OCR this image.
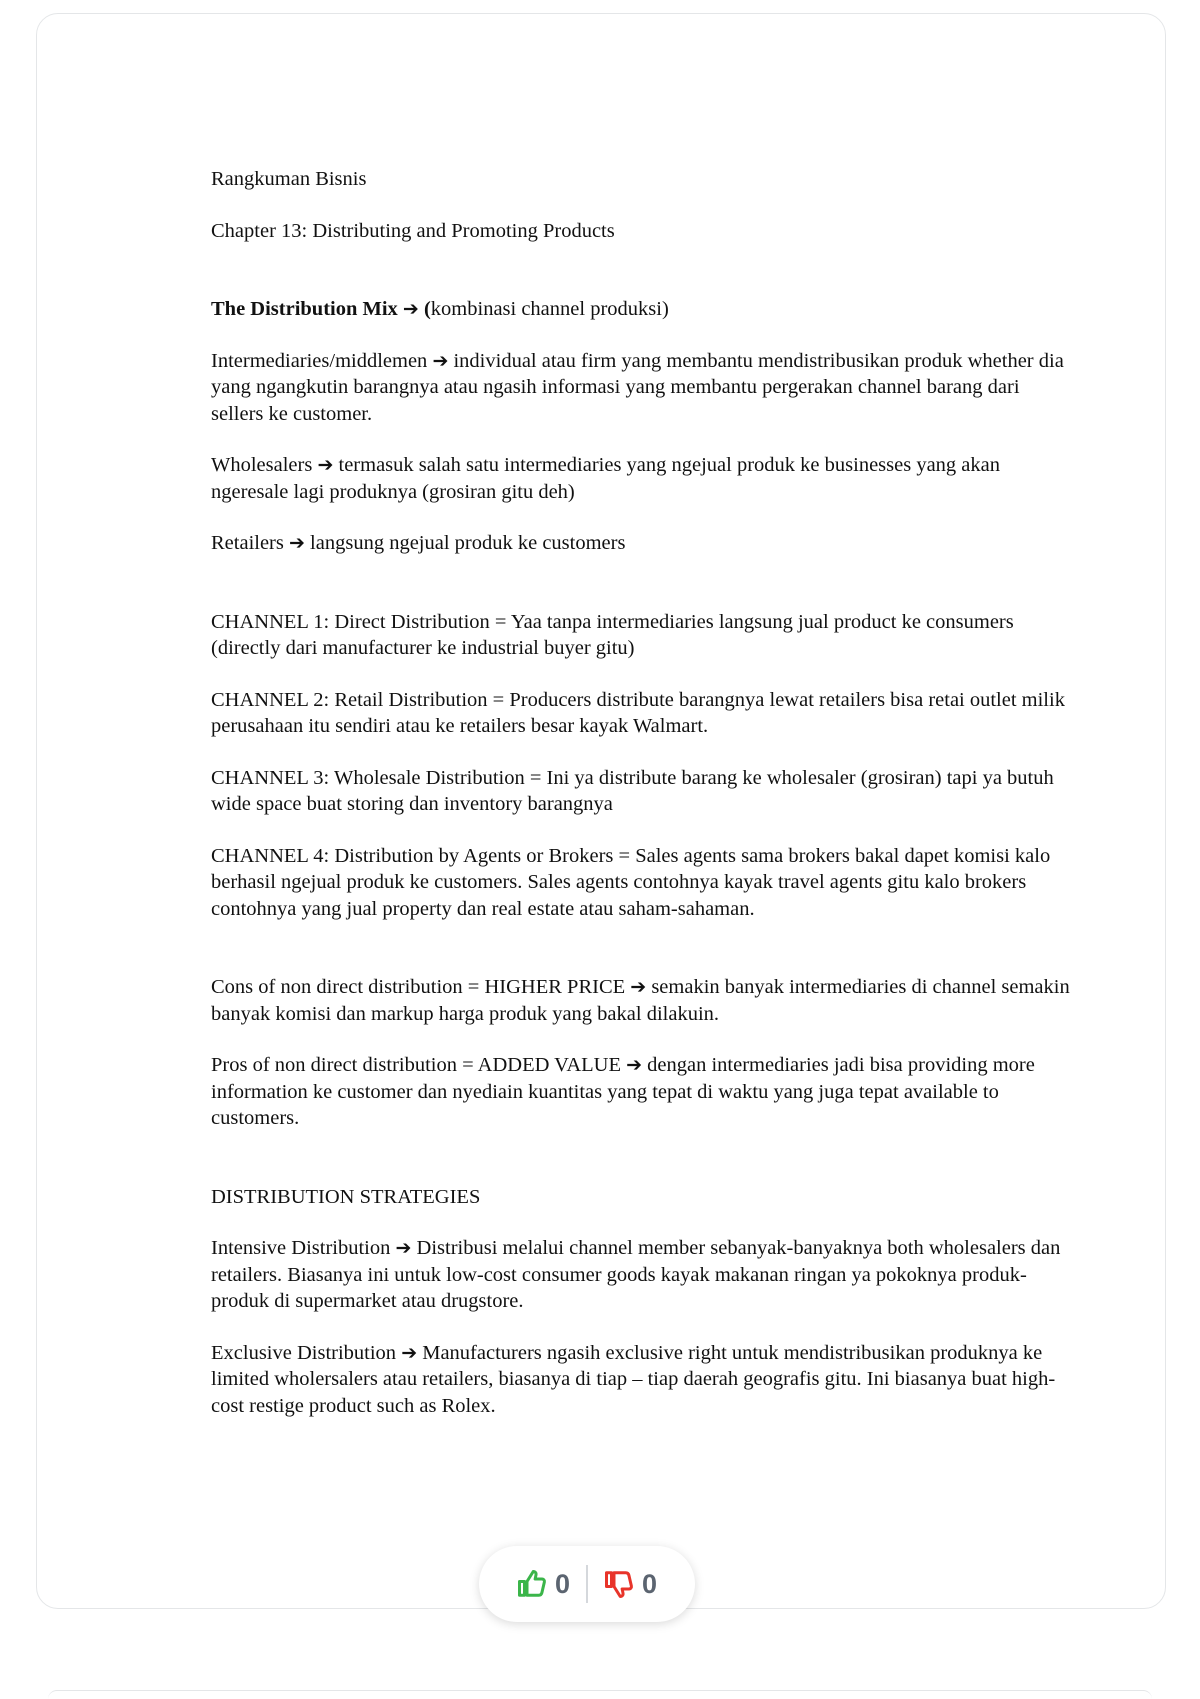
Rangkuman Bisnis

Chapter 13: Distributing and Promoting Products

The Distribution Mix ➔ (kombinasi channel produksi)

Intermediaries/middlemen ➔ individual atau firm yang membantu mendistribusikan produk whether dia yang ngangkutin barangnya atau ngasih informasi yang membantu pergerakan channel barang dari sellers ke customer.

Wholesalers ➔ termasuk salah satu intermediaries yang ngejual produk ke businesses yang akan ngeresale lagi produknya (grosiran gitu deh)

Retailers ➔ langsung ngejual produk ke customers

CHANNEL 1: Direct Distribution = Yaa tanpa intermediaries langsung jual product ke consumers (directly dari manufacturer ke industrial buyer gitu)

CHANNEL 2: Retail Distribution = Producers distribute barangnya lewat retailers bisa retai outlet milik perusahaan itu sendiri atau ke retailers besar kayak Walmart.

CHANNEL 3: Wholesale Distribution = Ini ya distribute barang ke wholesaler (grosiran) tapi ya butuh wide space buat storing dan inventory barangnya

CHANNEL 4: Distribution by Agents or Brokers = Sales agents sama brokers bakal dapet komisi kalo berhasil ngejual produk ke customers. Sales agents contohnya kayak travel agents gitu kalo brokers contohnya yang jual property dan real estate atau saham-sahaman.

Cons of non direct distribution = HIGHER PRICE ➔ semakin banyak intermediaries di channel semakin banyak komisi dan markup harga produk yang bakal dilakuin.

Pros of non direct distribution = ADDED VALUE ➔ dengan intermediaries jadi bisa providing more information ke customer dan nyediain kuantitas yang tepat di waktu yang juga tepat available to customers.

DISTRIBUTION STRATEGIES

Intensive Distribution ➔ Distribusi melalui channel member sebanyak-banyaknya both wholesalers dan retailers. Biasanya ini untuk low-cost consumer goods kayak makanan ringan ya pokoknya produk-produk di supermarket atau drugstore.

Exclusive Distribution ➔ Manufacturers ngasih exclusive right untuk mendistribusikan produknya ke limited wholersalers atau retailers, biasanya di tiap – tiap daerah geografis gitu. Ini biasanya buat high-cost restige product such as Rolex.

0	0
